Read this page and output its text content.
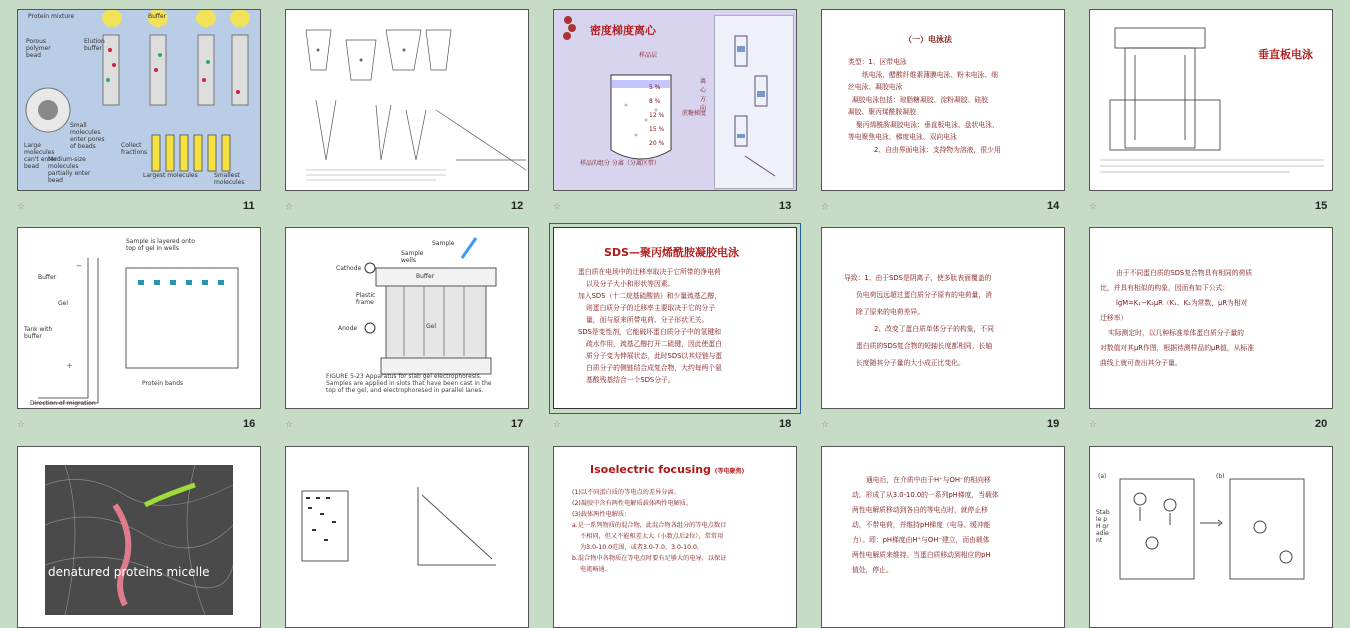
Protein mixture	Buffer
Porous polymer bead
Elution buffer
Large molecules can't enter bead
Small molecules enter pores of beads
Medium-size molecules partially enter bead
Collect fractions
Largest molecules	Smallest molecules
☆	11	☆	12
密度梯度离心
样品层
5 %
8 %
12 %
15 %
20 %
蔗糖梯度
离心方向
样品的组分 分离（分离区带）
☆	13
（一）电泳法
类型：1、区带电泳
纸电泳、醋酸纤维素薄膜电泳、粉末电泳、细
丝电泳、凝胶电泳
凝胶电泳包括：琼脂糖凝胶、淀粉凝胶、硅胶
凝胶、聚丙烯酰胺凝胶
聚丙烯酰胺凝胶电泳：垂直板电泳、盘状电泳、
等电聚焦电泳、梯度电泳、双向电泳
2、自由界面电泳：支持物为溶液，很少用
☆	14
垂直板电泳
☆	15
−
+
Sample is layered onto top of gel in wells
Buffer
Gel
Tank with buffer
Direction of migration
Protein bands
☆	16
Sample
Sample wells
Cathode
Buffer
Plastic frame
Gel
Anode
FIGURE 5-23 Apparatus for slab gel electrophoresis. Samples are applied in slots that have been cast in the top of the gel, and electrophoresed in parallel lanes.
☆	17
SDS—聚丙烯酰胺凝胶电泳
蛋白质在电场中的迁移率取决于它所带的净电荷
以及分子大小和形状等因素。
加入SDS（十二烷基硫酸钠）和少量巯基乙醇，
则蛋白质分子的迁移率主要取决于它的分子
量，而与原来所带电荷、分子形状无关。
SDS是变性剂，它能破坏蛋白质分子中的氢键和
疏水作用，巯基乙醇打开二硫键，因此使蛋白
质分子变为伸展状态，此时SDS以其烃链与蛋
白质分子的侧链结合成复合物，大约每两个氨
基酸残基结合一个SDS分子。
☆	18
导致：1、由于SDS是阴离子，使多肽表面覆盖的
负电荷远远超过蛋白质分子原有的电荷量，消
除了原来的电荷差异。
2、改变了蛋白质单体分子的构象，不同
蛋白质的SDS复合物的短轴长度都相同，长轴
长度随其分子量的大小成正比变化。
☆	19
由于不同蛋白质的SDS复合物具有相同的荷质
比，并具有相似的构象，因而有如下公式：
lgM=K₁−K₂μR（K₁、K₂为常数，μR为相对
迁移率）
实际测定时，以几种标准单体蛋白质分子量的
对数值对其μR作图，根据待测样品的μR值，从标准
曲线上就可查出其分子量。
☆	20
denatured proteins micelle
Isoelectric focusing (等电聚焦)
(1)以不同蛋白质的等电点的差异分离。
(2)凝胶中含有两性电解质载体两性电解质。
(3)载体两性电解质：
a.是一系列物质的混合物，此混合物各组分的等电点数目
不相同，但又不能相差太大（小数点后2位），常常用
为3.0-10.0范围，或者3.0-7.0、3.0-10.0。
b.混合物中各物质在等电点时要有足够大的电导，以保证
电流畅通。
通电后，在介质中由于H⁺与OH⁻的相向移
动，形成了从3.0-10.0的一系列pH梯度，当载体
两性电解质移动到各自的等电点时，就停止移
动，不带电荷，并维持pH梯度（电导、缓冲能
力）。即：pH梯度由H⁺与OH⁻建立，而由载体
两性电解质来维持。当蛋白质移动到相应的pH
值处，停止。
(a)	(b)
Stable pH gradient
